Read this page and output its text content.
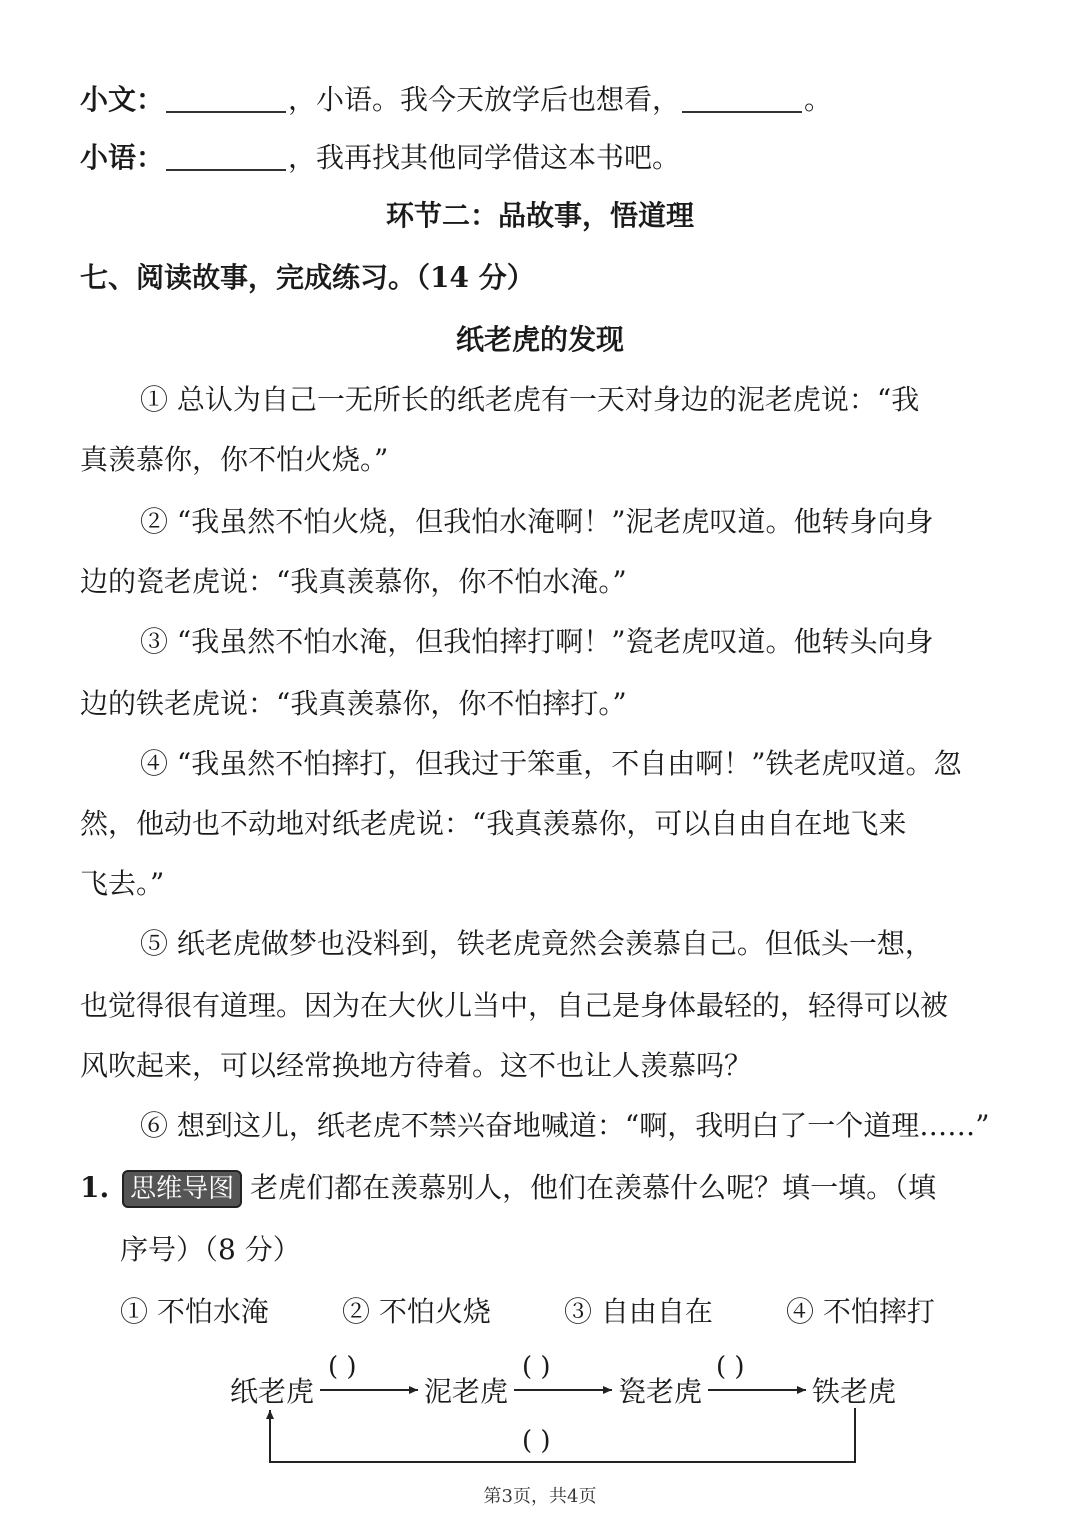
小文：	，小语。我今天放学后也想看，	。
小语：	，我再找其他同学借这本书吧。
环节二：品故事，悟道理
七、阅读故事，完成练习。（14 分）
纸老虎的发现
① 总认为自己一无所长的纸老虎有一天对身边的泥老虎说：“我
真羡慕你，你不怕火烧。”
② “我虽然不怕火烧，但我怕水淹啊！”泥老虎叹道。他转身向身
边的瓷老虎说：“我真羡慕你，你不怕水淹。”
③ “我虽然不怕水淹，但我怕摔打啊！”瓷老虎叹道。他转头向身
边的铁老虎说：“我真羡慕你，你不怕摔打。”
④ “我虽然不怕摔打，但我过于笨重，不自由啊！”铁老虎叹道。忽
然，他动也不动地对纸老虎说：“我真羡慕你，可以自由自在地飞来
飞去。”
⑤ 纸老虎做梦也没料到，铁老虎竟然会羡慕自己。但低头一想，
也觉得很有道理。因为在大伙儿当中，自己是身体最轻的，轻得可以被
风吹起来，可以经常换地方待着。这不也让人羡慕吗？
⑥ 想到这儿，纸老虎不禁兴奋地喊道：“啊，我明白了一个道理……”
1. 思维导图 老虎们都在羡慕别人，他们在羡慕什么呢？填一填。（填
序号）（8 分）
① 不怕水淹	② 不怕火烧	③ 自由自在	④ 不怕摔打
纸老虎	泥老虎	瓷老虎	铁老虎
( )	( )	( )
( )
第3页，共4页
